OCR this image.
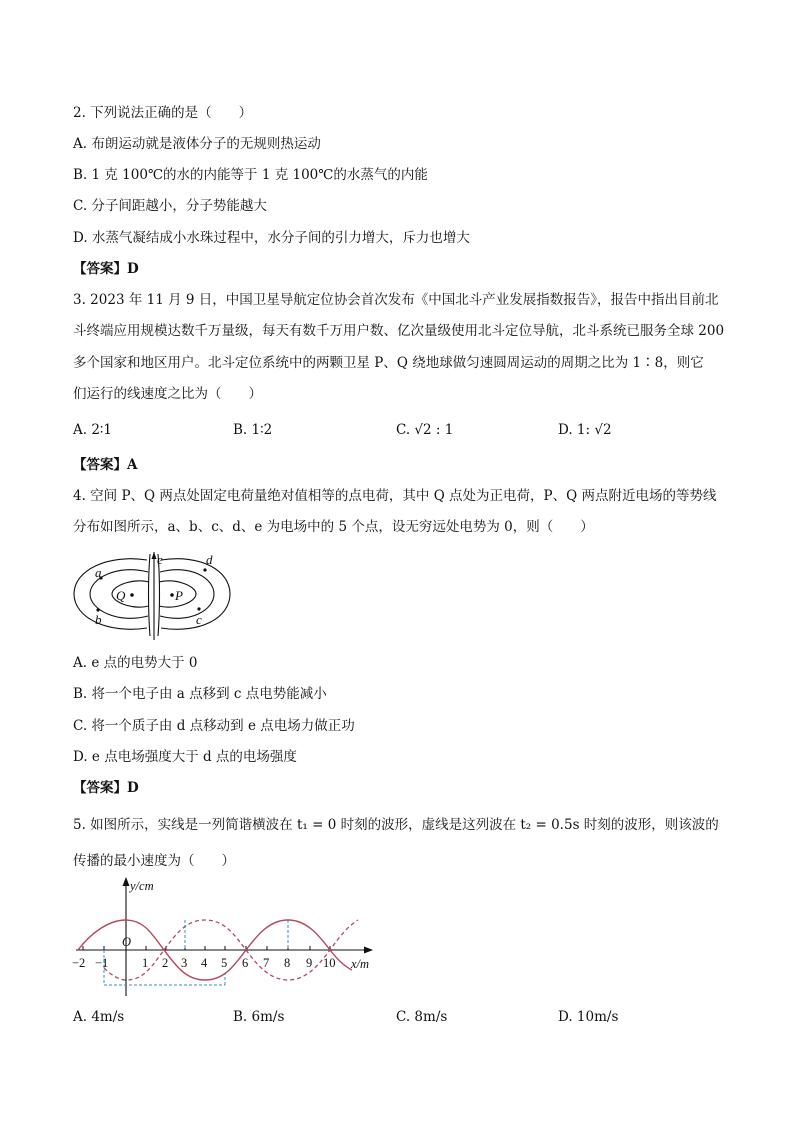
2. 下列说法正确的是（　　）
A. 布朗运动就是液体分子的无规则热运动
B. 1 克 100℃的水的内能等于 1 克 100℃的水蒸气的内能
C. 分子间距越小，分子势能越大
D. 水蒸气凝结成小水珠过程中，水分子间的引力增大，斥力也增大
【答案】D
3. 2023 年 11 月 9 日，中国卫星导航定位协会首次发布《中国北斗产业发展指数报告》，报告中指出目前北
斗终端应用规模达数千万量级，每天有数千万用户数、亿次量级使用北斗定位导航，北斗系统已服务全球 200
多个国家和地区用户。北斗定位系统中的两颗卫星 P、Q 绕地球做匀速圆周运动的周期之比为 1∶8，则它
们运行的线速度之比为（　　）
A. 2∶1	B. 1∶2	C. √2 : 1	D. 1: √2
【答案】A
4. 空间 P、Q 两点处固定电荷量绝对值相等的点电荷，其中 Q 点处为正电荷，P、Q 两点附近电场的等势线
分布如图所示，a、b、c、d、e 为电场中的 5 个点，设无穷远处电势为 0，则（　　）
a
b	c
d
e
Q	P
A. e 点的电势大于 0
B. 将一个电子由 a 点移到 c 点电势能减小
C. 将一个质子由 d 点移动到 e 点电场力做正功
D. e 点电场强度大于 d 点的电场强度
【答案】D
5. 如图所示，实线是一列简谐横波在 t₁ = 0 时刻的波形，虚线是这列波在 t₂ = 0.5s 时刻的波形，则该波的
传播的最小速度为（　　）
y/cm
x/m
O
−2 −1	1 2 3 4 5 6 7 8 9 10
A. 4m/s	B. 6m/s	C. 8m/s	D. 10m/s
